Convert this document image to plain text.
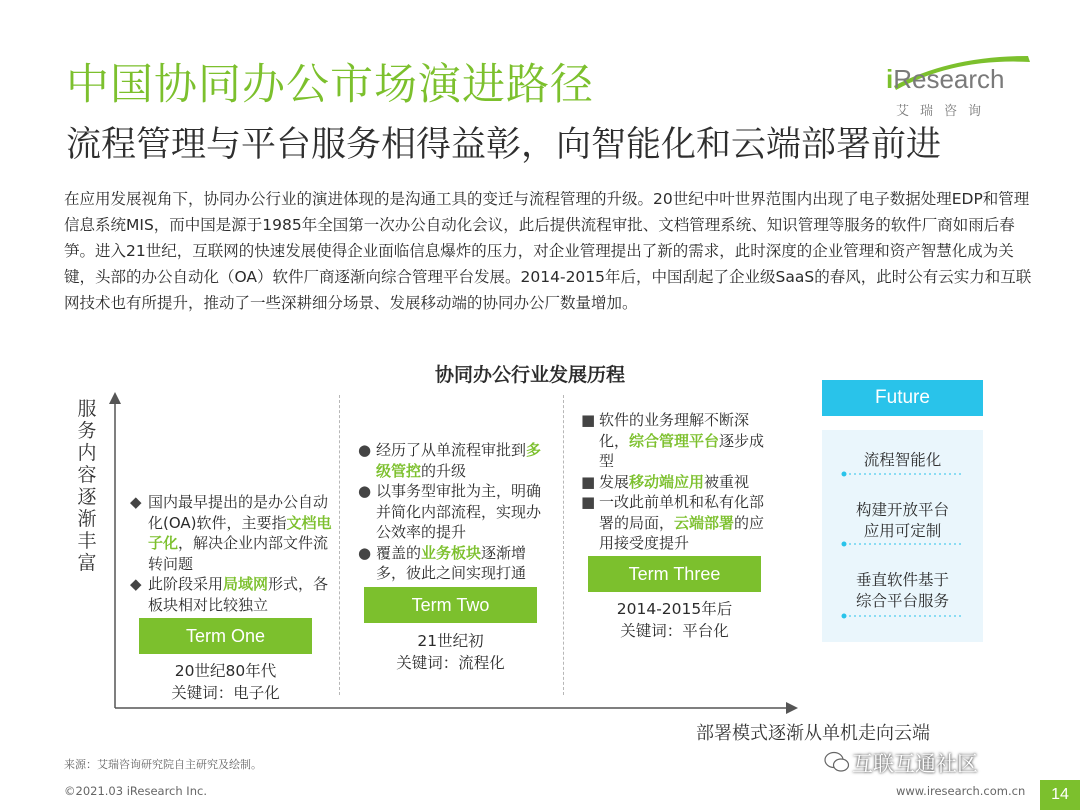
中国协同办公市场演进路径
流程管理与平台服务相得益彰，向智能化和云端部署前进
iResearch
艾瑞咨询
在应用发展视角下，协同办公行业的演进体现的是沟通工具的变迁与流程管理的升级。20世纪中叶世界范围内出现了电子数据处理EDP和管理信息系统MIS，而中国是源于1985年全国第一次办公自动化会议，此后提供流程审批、文档管理系统、知识管理等服务的软件厂商如雨后春笋。进入21世纪，互联网的快速发展使得企业面临信息爆炸的压力，对企业管理提出了新的需求，此时深度的企业管理和资产智慧化成为关键，头部的办公自动化（OA）软件厂商逐渐向综合管理平台发展。2014-2015年后，中国刮起了企业级SaaS的春风，此时公有云实力和互联网技术也有所提升，推动了一些深耕细分场景、发展移动端的协同办公厂数量增加。
协同办公行业发展历程
服务内容逐渐丰富
部署模式逐渐从单机走向云端
◆ 国内最早提出的是办公自动化(OA)软件，主要指文档电子化，解决企业内部文件流转问题
◆ 此阶段采用局域网形式，各板块相对比较独立
Term One
20世纪80年代
关键词：电子化
● 经历了从单流程审批到多级管控的升级
● 以事务型审批为主，明确并简化内部流程，实现办公效率的提升
● 覆盖的业务板块逐渐增多，彼此之间实现打通
Term Two
21世纪初
关键词：流程化
■ 软件的业务理解不断深化，综合管理平台逐步成型
■ 发展移动端应用被重视
■ 一改此前单机和私有化部署的局面，云端部署的应用接受度提升
Term Three
2014-2015年后
关键词：平台化
Future
流程智能化
构建开放平台应用可定制
垂直软件基于综合平台服务
来源：艾瑞咨询研究院自主研究及绘制。
©2021.03 iResearch Inc.	www.iresearch.com.cn	14
互联互通社区
